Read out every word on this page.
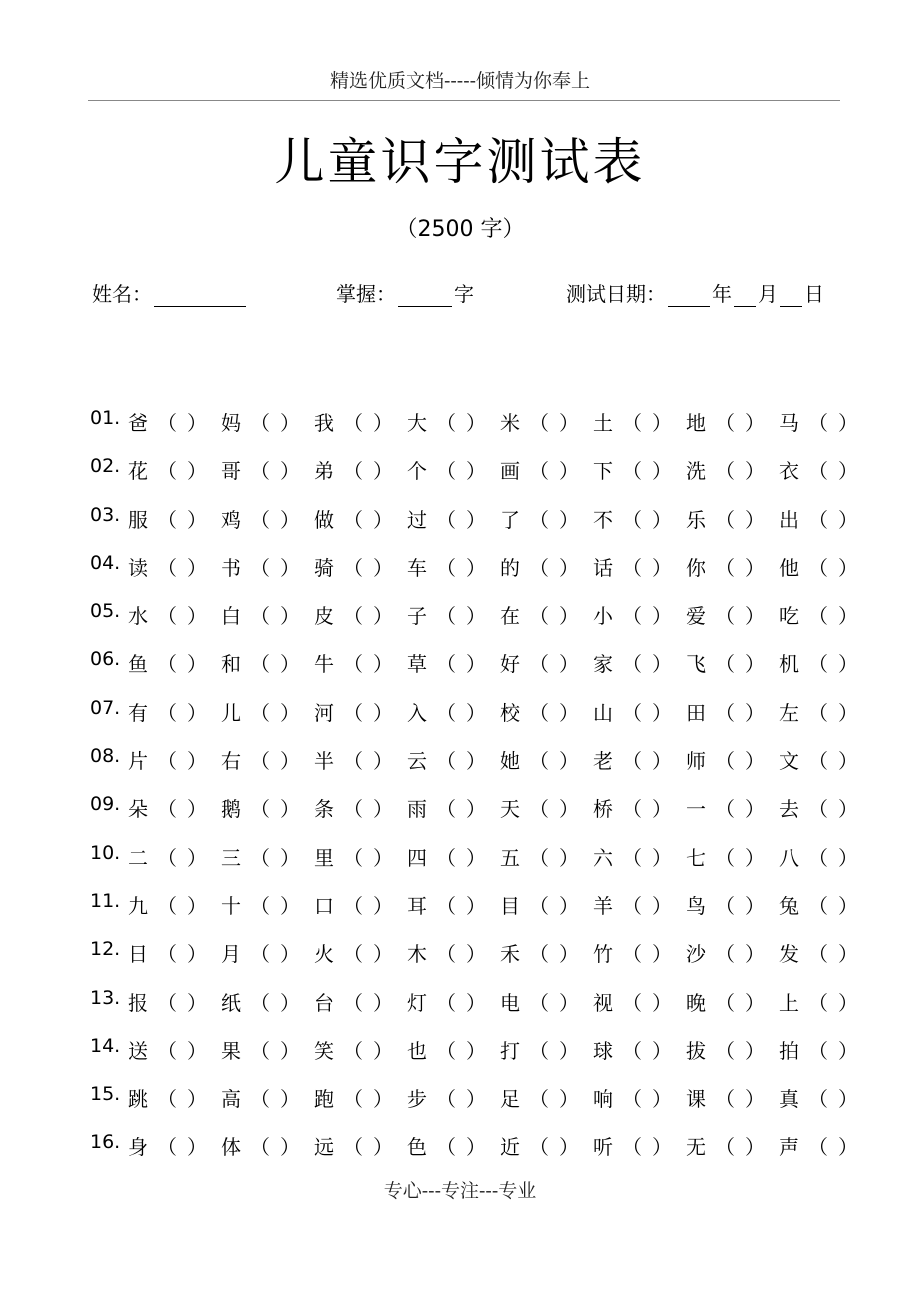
精选优质文档-----倾情为你奉上
儿童识字测试表
（2500 字）
姓名：	掌握：	字	测试日期： 年 月 日
01. 爸 （ ） 妈 （ ） 我 （ ） 大 （ ） 米 （ ） 土 （ ） 地 （ ） 马 （ ）
02. 花 （ ） 哥 （ ） 弟 （ ） 个 （ ） 画 （ ） 下 （ ） 洗 （ ） 衣 （ ）
03. 服 （ ） 鸡 （ ） 做 （ ） 过 （ ） 了 （ ） 不 （ ） 乐 （ ） 出 （ ）
04. 读 （ ） 书 （ ） 骑 （ ） 车 （ ） 的 （ ） 话 （ ） 你 （ ） 他 （ ）
05. 水 （ ） 白 （ ） 皮 （ ） 子 （ ） 在 （ ） 小 （ ） 爱 （ ） 吃 （ ）
06. 鱼 （ ） 和 （ ） 牛 （ ） 草 （ ） 好 （ ） 家 （ ） 飞 （ ） 机 （ ）
07. 有 （ ） 儿 （ ） 河 （ ） 入 （ ） 校 （ ） 山 （ ） 田 （ ） 左 （ ）
08. 片 （ ） 右 （ ） 半 （ ） 云 （ ） 她 （ ） 老 （ ） 师 （ ） 文 （ ）
09. 朵 （ ） 鹅 （ ） 条 （ ） 雨 （ ） 天 （ ） 桥 （ ） 一 （ ） 去 （ ）
10. 二 （ ） 三 （ ） 里 （ ） 四 （ ） 五 （ ） 六 （ ） 七 （ ） 八 （ ）
11. 九 （ ） 十 （ ） 口 （ ） 耳 （ ） 目 （ ） 羊 （ ） 鸟 （ ） 兔 （ ）
12. 日 （ ） 月 （ ） 火 （ ） 木 （ ） 禾 （ ） 竹 （ ） 沙 （ ） 发 （ ）
13. 报 （ ） 纸 （ ） 台 （ ） 灯 （ ） 电 （ ） 视 （ ） 晚 （ ） 上 （ ）
14. 送 （ ） 果 （ ） 笑 （ ） 也 （ ） 打 （ ） 球 （ ） 拔 （ ） 拍 （ ）
15. 跳 （ ） 高 （ ） 跑 （ ） 步 （ ） 足 （ ） 响 （ ） 课 （ ） 真 （ ）
16. 身 （ ） 体 （ ） 远 （ ） 色 （ ） 近 （ ） 听 （ ） 无 （ ） 声 （ ）
专心---专注---专业
